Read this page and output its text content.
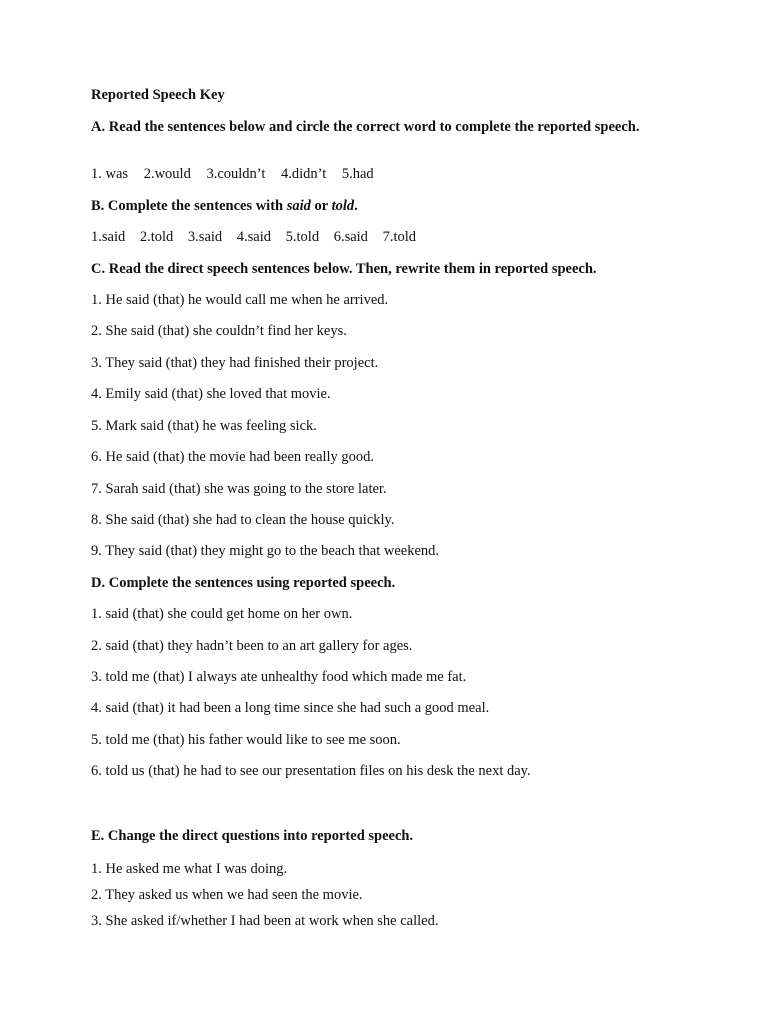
Reported Speech Key
A. Read the sentences below and circle the correct word to complete the reported speech.
1. was 2.would 3.couldn’t 4.didn’t 5.had
B. Complete the sentences with said or told.
1.said 2.told 3.said 4.said 5.told 6.said 7.told
C. Read the direct speech sentences below. Then, rewrite them in reported speech.
1. He said (that) he would call me when he arrived.
2. She said (that) she couldn’t find her keys.
3. They said (that) they had finished their project.
4. Emily said (that) she loved that movie.
5. Mark said (that) he was feeling sick.
6. He said (that) the movie had been really good.
7. Sarah said (that) she was going to the store later.
8. She said (that) she had to clean the house quickly.
9. They said (that) they might go to the beach that weekend.
D. Complete the sentences using reported speech.
1. said (that) she could get home on her own.
2. said (that) they hadn’t been to an art gallery for ages.
3. told me (that) I always ate unhealthy food which made me fat.
4. said (that) it had been a long time since she had such a good meal.
5. told me (that) his father would like to see me soon.
6. told us (that) he had to see our presentation files on his desk the next day.
E. Change the direct questions into reported speech.
1. He asked me what I was doing.
2. They asked us when we had seen the movie.
3. She asked if/whether I had been at work when she called.
